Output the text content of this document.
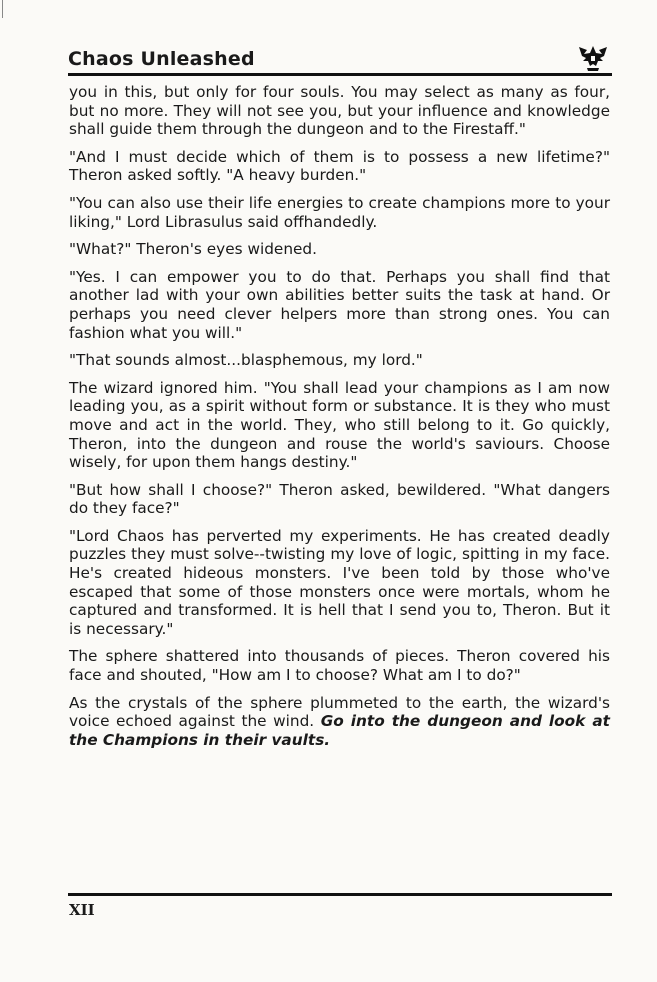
Chaos Unleashed

you in this, but only for four souls. You may select as many as four, but no more. They will not see you, but your influence and knowledge shall guide them through the dungeon and to the Firestaff."

"And I must decide which of them is to possess a new lifetime?" Theron asked softly. "A heavy burden."

"You can also use their life energies to create champions more to your liking," Lord Librasulus said offhandedly.

"What?" Theron's eyes widened.

"Yes. I can empower you to do that. Perhaps you shall find that another lad with your own abilities better suits the task at hand. Or perhaps you need clever helpers more than strong ones. You can fashion what you will."

"That sounds almost...blasphemous, my lord."

The wizard ignored him. "You shall lead your champions as I am now leading you, as a spirit without form or substance. It is they who must move and act in the world. They, who still belong to it. Go quickly, Theron, into the dungeon and rouse the world's saviours. Choose wisely, for upon them hangs destiny."

"But how shall I choose?" Theron asked, bewildered. "What dangers do they face?"

"Lord Chaos has perverted my experiments. He has created deadly puzzles they must solve--twisting my love of logic, spitting in my face. He's created hideous monsters. I've been told by those who've escaped that some of those monsters once were mortals, whom he captured and transformed. It is hell that I send you to, Theron. But it is necessary."

The sphere shattered into thousands of pieces. Theron covered his face and shouted, "How am I to choose? What am I to do?"

As the crystals of the sphere plummeted to the earth, the wizard's voice echoed against the wind. Go into the dungeon and look at the Champions in their vaults.

XII
